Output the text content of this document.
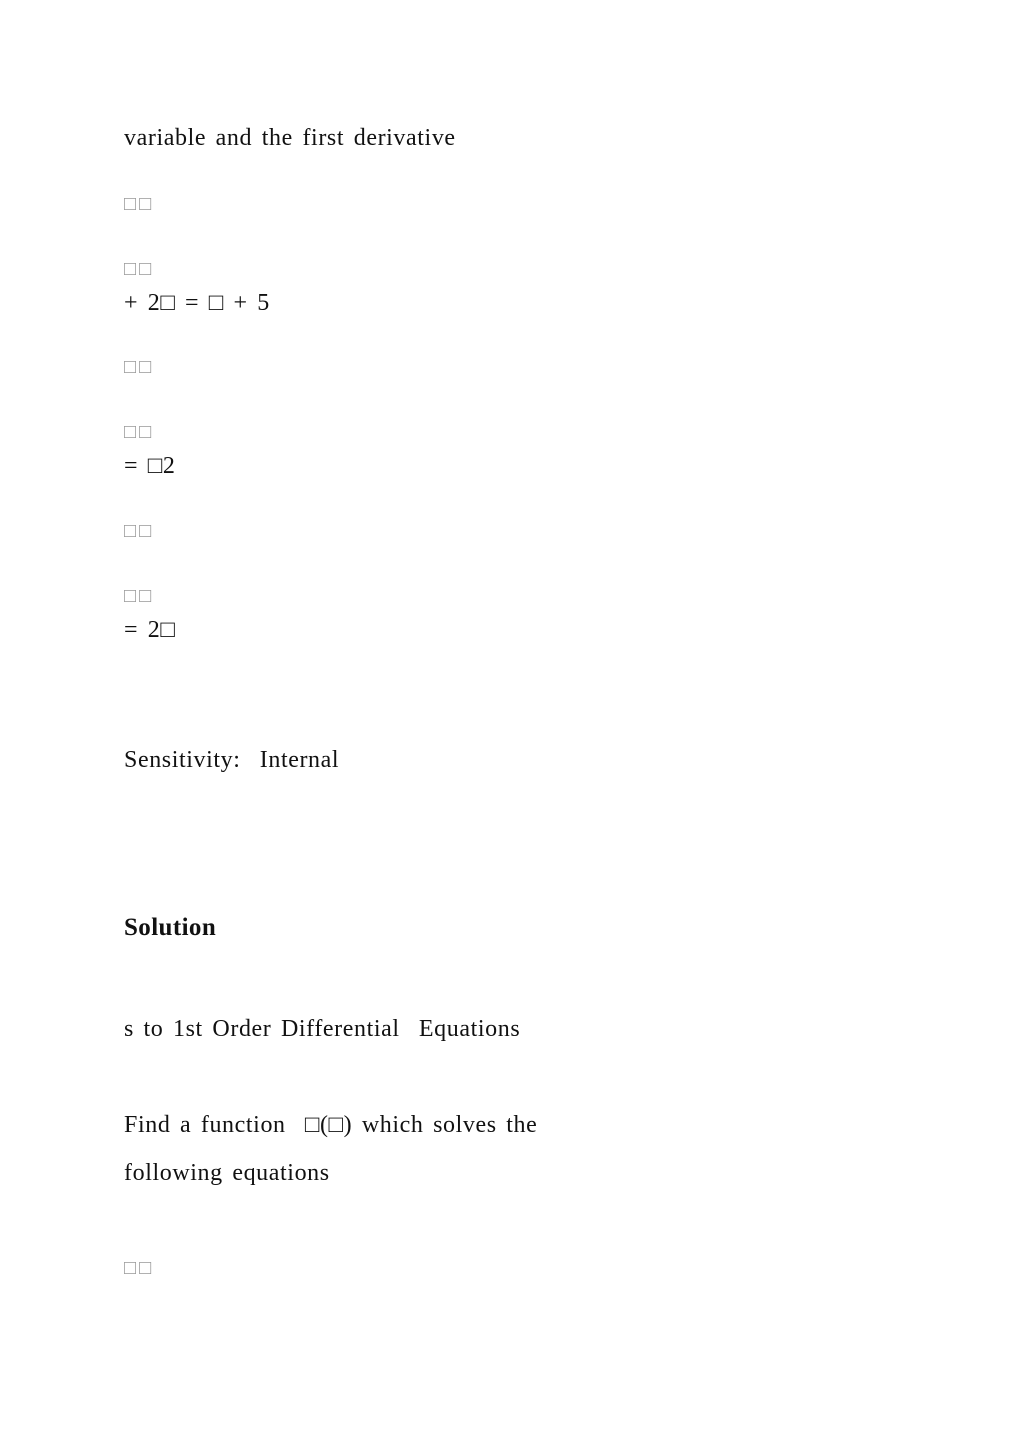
variable and the first derivative
□□
□□
+ 2□ = □ + 5
□□
□□
= □2
□□
□□
= 2□
Sensitivity:  Internal
Solution
s to 1st Order Differential  Equations
Find a function  □(□) which solves the
following equations
□□
